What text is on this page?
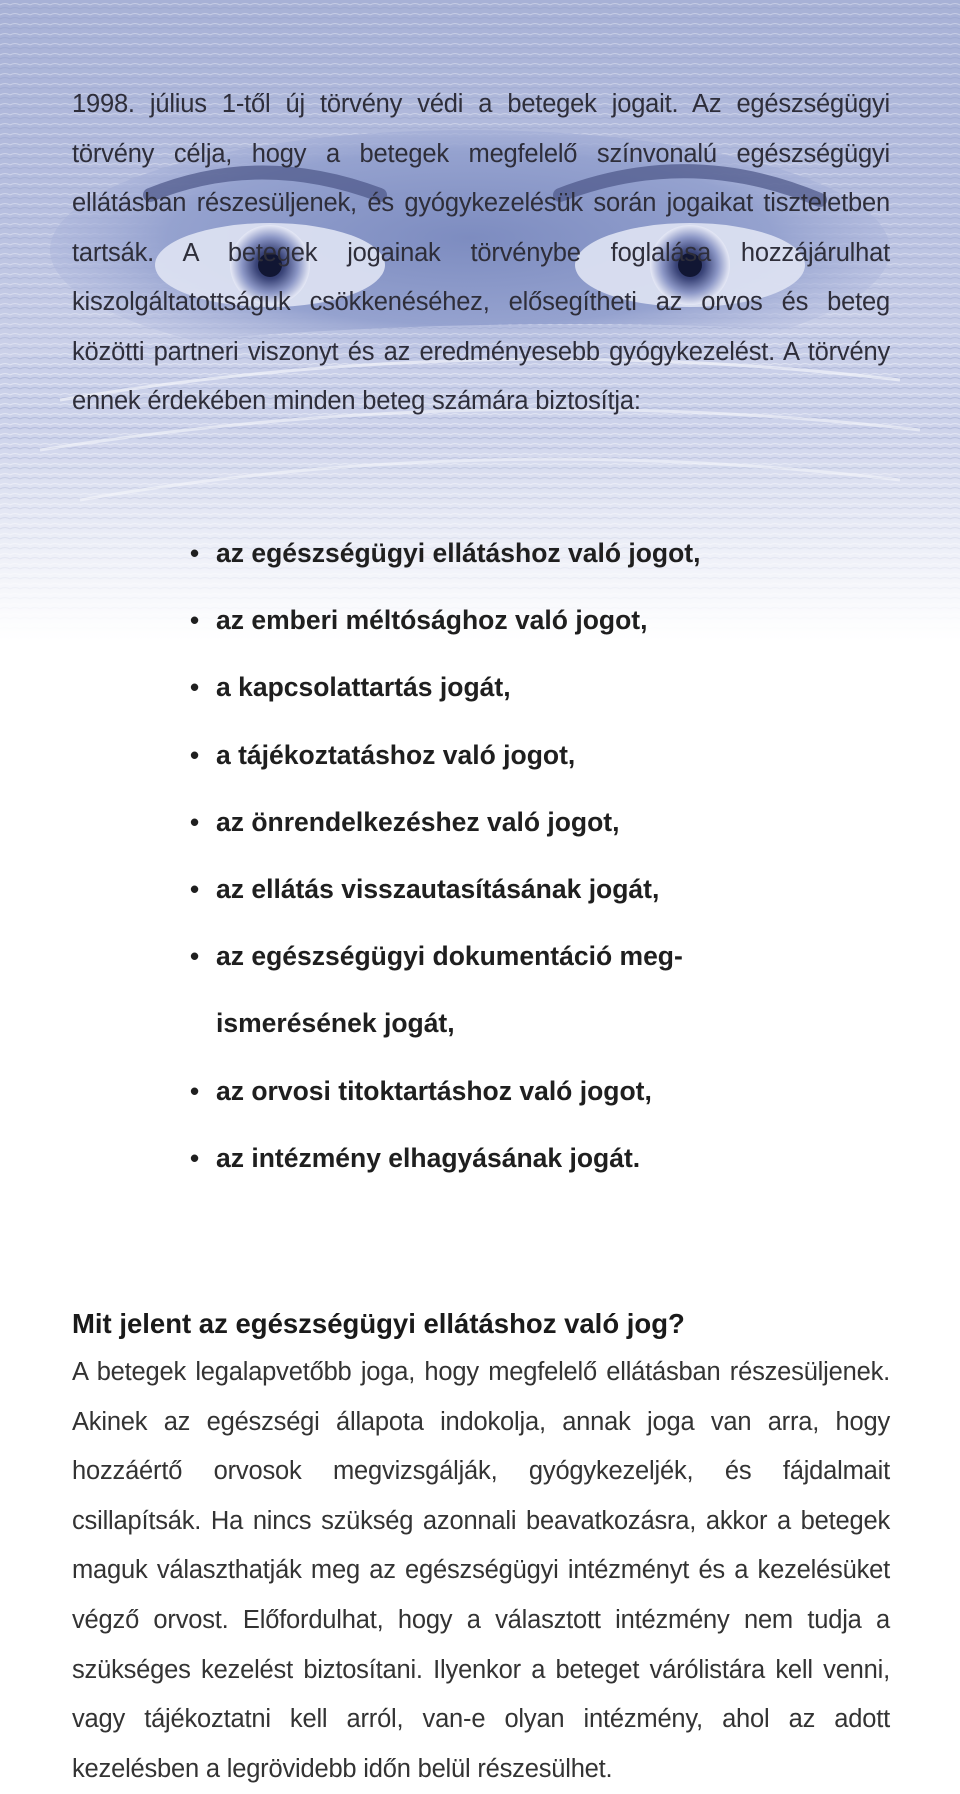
1998. július 1-től új törvény védi a betegek jogait. Az egészségügyi törvény célja, hogy a betegek megfelelő színvonalú egészségügyi ellátásban részesüljenek, és gyógykezelésük során jogaikat tiszteletben tartsák. A betegek jogainak törvénybe foglalása hozzájárulhat kiszolgáltatottságuk csökkenéséhez, elősegítheti az orvos és beteg közötti partneri viszonyt és az eredményesebb gyógykezelést. A törvény ennek érdekében minden beteg számára biztosítja:
• az egészségügyi ellátáshoz való jogot,
• az emberi méltósághoz való jogot,
• a kapcsolattartás jogát,
• a tájékoztatáshoz való jogot,
• az önrendelkezéshez való jogot,
• az ellátás visszautasításának jogát,
• az egészségügyi dokumentáció meg-
ismerésének jogát,
• az orvosi titoktartáshoz való jogot,
• az intézmény elhagyásának jogát.
Mit jelent az egészségügyi ellátáshoz való jog?

A betegek legalapvetőbb joga, hogy megfelelő ellátásban részesüljenek. Akinek az egészségi állapota indokolja, annak joga van arra, hogy hozzáértő orvosok megvizsgálják, gyógykezeljék, és fájdalmait csillapítsák. Ha nincs szükség azonnali beavatkozásra, akkor a betegek maguk választhatják meg az egészségügyi intézményt és a kezelésüket végző orvost. Előfordulhat, hogy a választott intézmény nem tudja a szükséges kezelést biztosítani. Ilyenkor a beteget várólistára kell venni, vagy tájékoztatni kell arról, van-e olyan intézmény, ahol az adott kezelésben a legrövidebb időn belül részesülhet.
